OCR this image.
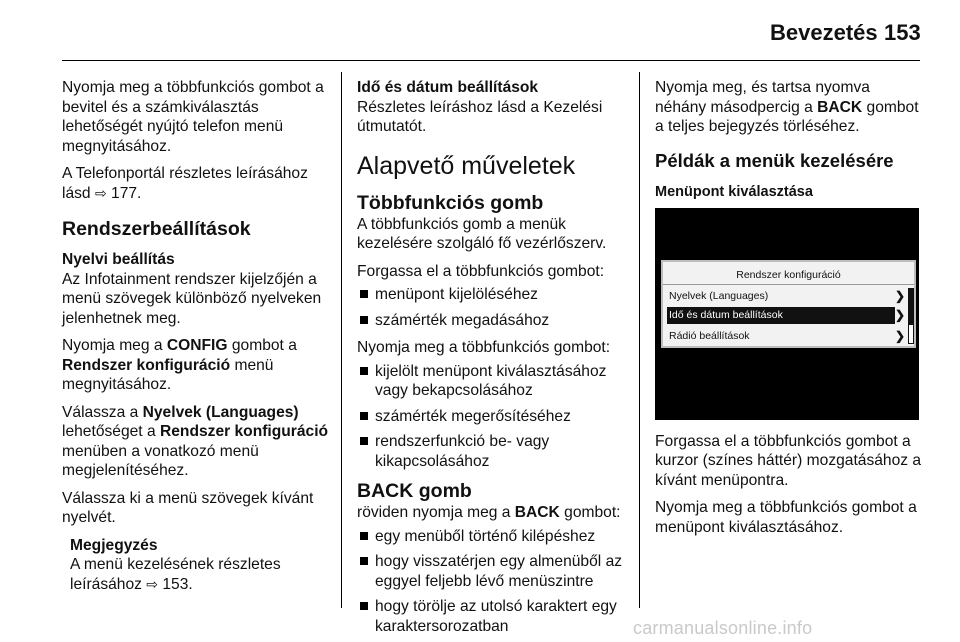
Bevezetés 153
Nyomja meg a többfunkciós gombot a bevitel és a számkiválasztás lehetőségét nyújtó telefon menü megnyitásához.
A Telefonportál részletes leírásához lásd ⇨ 177.
Rendszerbeállítások
Nyelvi beállítás
Az Infotainment rendszer kijelzőjén a menü szövegek különböző nyelveken jelenhetnek meg.
Nyomja meg a CONFIG gombot a Rendszer konfiguráció menü megnyitásához.
Válassza a Nyelvek (Languages) lehetőséget a Rendszer konfiguráció menüben a vonatkozó menü megjelenítéséhez.
Válassza ki a menü szövegek kívánt nyelvét.
Megjegyzés
A menü kezelésének részletes leírásához ⇨ 153.
Idő és dátum beállítások
Részletes leíráshoz lásd a Kezelési útmutatót.
Alapvető műveletek
Többfunkciós gomb
A többfunkciós gomb a menük kezelésére szolgáló fő vezérlőszerv.
Forgassa el a többfunkciós gombot:
menüpont kijelöléséhez
számérték megadásához
Nyomja meg a többfunkciós gombot:
kijelölt menüpont kiválasztásához vagy bekapcsolásához
számérték megerősítéséhez
rendszerfunkció be- vagy kikapcsolásához
BACK gomb
röviden nyomja meg a BACK gombot:
egy menüből történő kilépéshez
hogy visszatérjen egy almenüből az eggyel feljebb lévő menüszintre
hogy törölje az utolsó karaktert egy karaktersorozatban
Nyomja meg, és tartsa nyomva néhány másodpercig a BACK gombot a teljes bejegyzés törléséhez.
Példák a menük kezelésére
Menüpont kiválasztása
Rendszer konfiguráció
Nyelvek (Languages)	❯
Idő és dátum beállítások	❯
Rádió beállítások	❯
Forgassa el a többfunkciós gombot a kurzor (színes háttér) mozgatásához a kívánt menüpontra.
Nyomja meg a többfunkciós gombot a menüpont kiválasztásához.
carmanualsonline.info
